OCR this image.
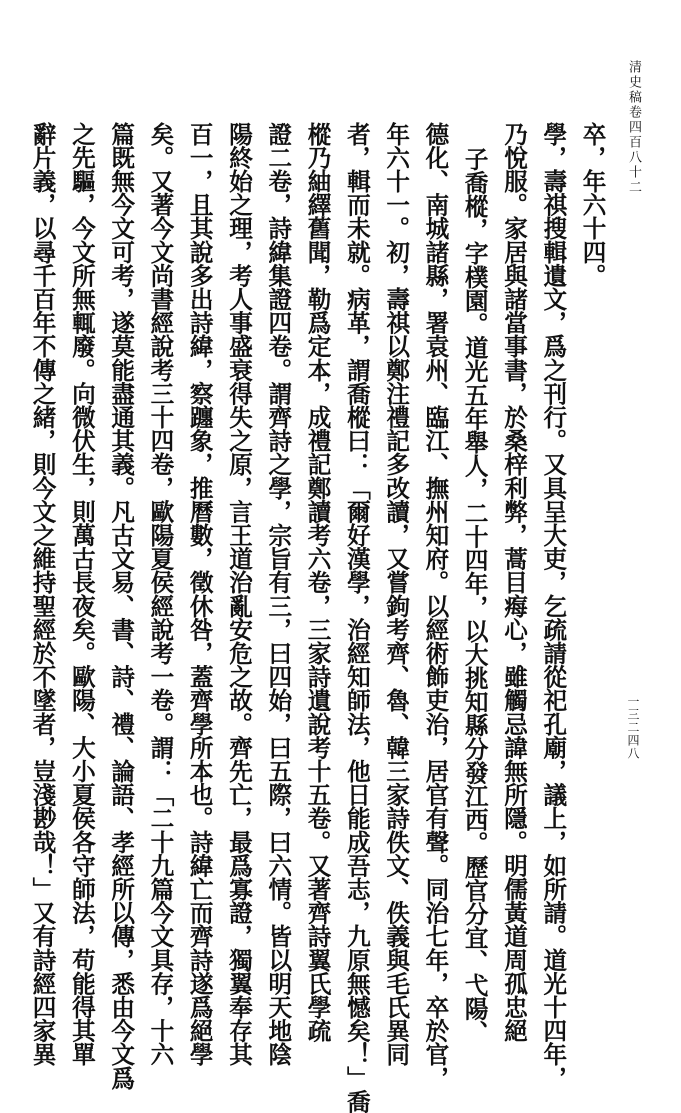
清史稿卷四百八十二
一三二四八
卒，年六十四。
學，壽祺搜輯遺文，爲之刊行。又具呈大吏，乞疏請從祀孔廟，議上，如所請。道光十四年，
乃悅服。家居與諸當事書，於桑梓利弊，蒿目痗心，雖觸忌諱無所隱。明儒黃道周孤忠絕
子喬樅，字樸園。道光五年舉人，二十四年，以大挑知縣分發江西。歷官分宜、弋陽、
德化、南城諸縣，署袁州、臨江、撫州知府。以經術飾吏治，居官有聲。同治七年，卒於官，
年六十一。初，壽祺以鄭注禮記多改讀，又嘗鉤考齊、魯、韓三家詩佚文、佚義與毛氏異同
者，輯而未就。病革，謂喬樅曰：「爾好漢學，治經知師法，他日能成吾志，九原無憾矣！」喬
樅乃紬繹舊聞，勒爲定本，成禮記鄭讀考六卷，三家詩遺說考十五卷。又著齊詩翼氏學疏
證二卷，詩緯集證四卷。謂齊詩之學，宗旨有三，曰四始，曰五際，曰六情。皆以明天地陰
陽終始之理，考人事盛衰得失之原，言王道治亂安危之故。齊先亡，最爲寡證，獨翼奉存其
百一，且其說多出詩緯，察躔象，推曆數，徵休咎，蓋齊學所本也。詩緯亡而齊詩遂爲絕學
矣。又著今文尚書經說考三十四卷，歐陽夏侯經說考一卷。謂：「二十九篇今文具存，十六
篇既無今文可考，遂莫能盡通其義。凡古文易、書、詩、禮、論語、孝經所以傳，悉由今文爲
之先驅，今文所無輒廢。向微伏生，則萬古長夜矣。歐陽、大小夏侯各守師法，苟能得其單
辭片義，以尋千百年不傳之緒，則今文之維持聖經於不墜者，豈淺尠哉！」又有詩經四家異
